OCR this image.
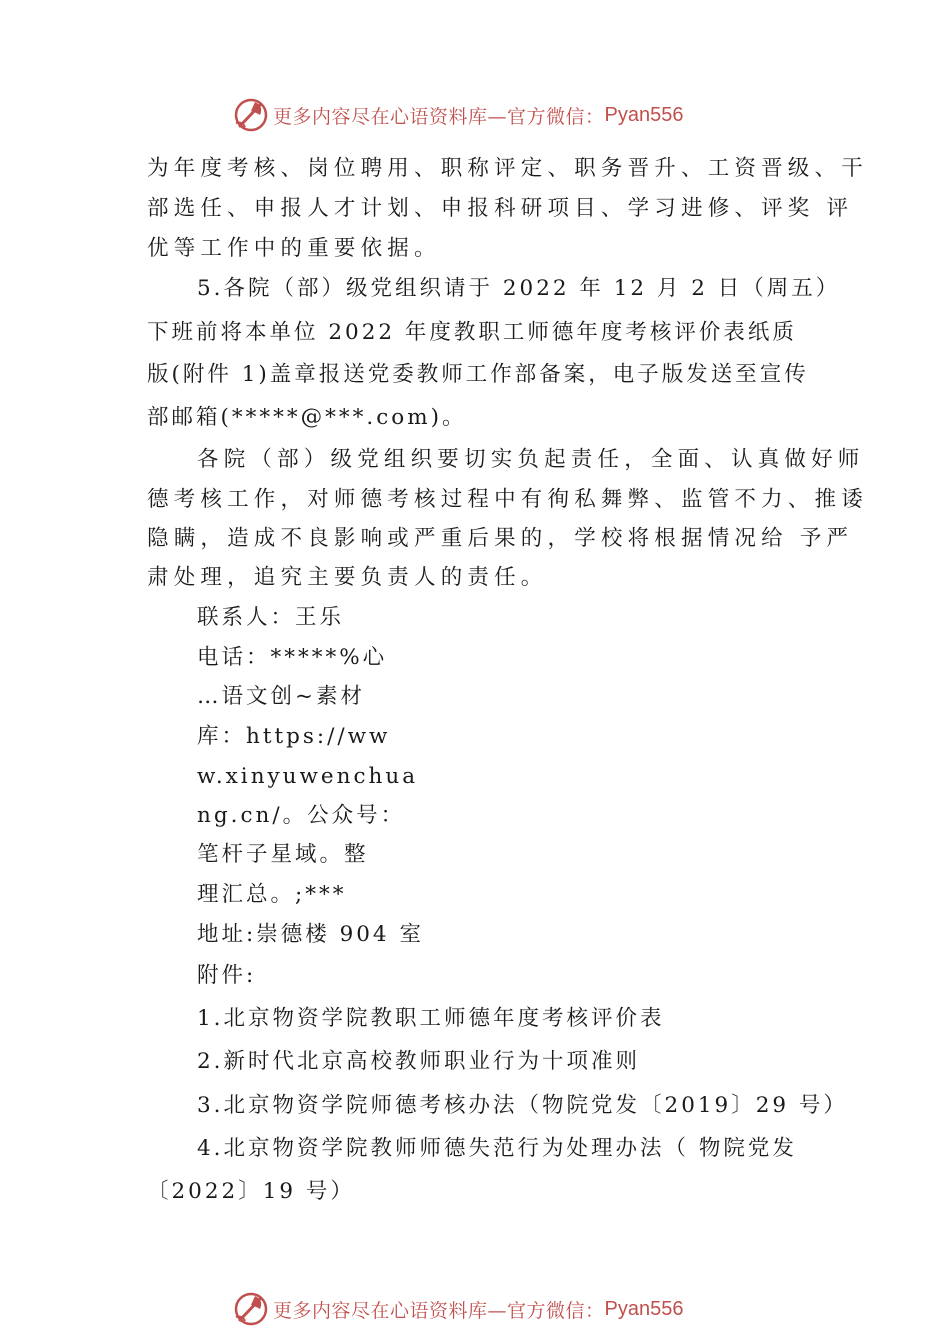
更多内容尽在心语资料库—官方微信： Pyan556
为年度考核、岗位聘用、职称评定、职务晋升、工资晋级、干
部选任、申报人才计划、申报科研项目、学习进修、评奖 评
优等工作中的重要依据。
5.各院（部）级党组织请于 2022 年 12 月 2 日（周五）
下班前将本单位 2022 年度教职工师德年度考核评价表纸质
版(附件 1)盖章报送党委教师工作部备案，电子版发送至宣传
部邮箱(*****@***.com)。
各院（部）级党组织要切实负起责任，全面、认真做好师
德考核工作，对师德考核过程中有徇私舞弊、监管不力、推诿
隐瞒，造成不良影响或严重后果的，学校将根据情况给 予严
肃处理，追究主要负责人的责任。
联系人：王乐
电话：*****%心
…语文创~素材
库：https://ww
w.xinyuwenchua
ng.cn/。公众号：
笔杆子星域。整
理汇总。;***
地址:崇德楼 904 室
附件:
1.北京物资学院教职工师德年度考核评价表
2.新时代北京高校教师职业行为十项准则
3.北京物资学院师德考核办法（物院党发〔2019〕29 号）
4.北京物资学院教师师德失范行为处理办法（ 物院党发
〔2022〕19 号）
更多内容尽在心语资料库—官方微信： Pyan556
